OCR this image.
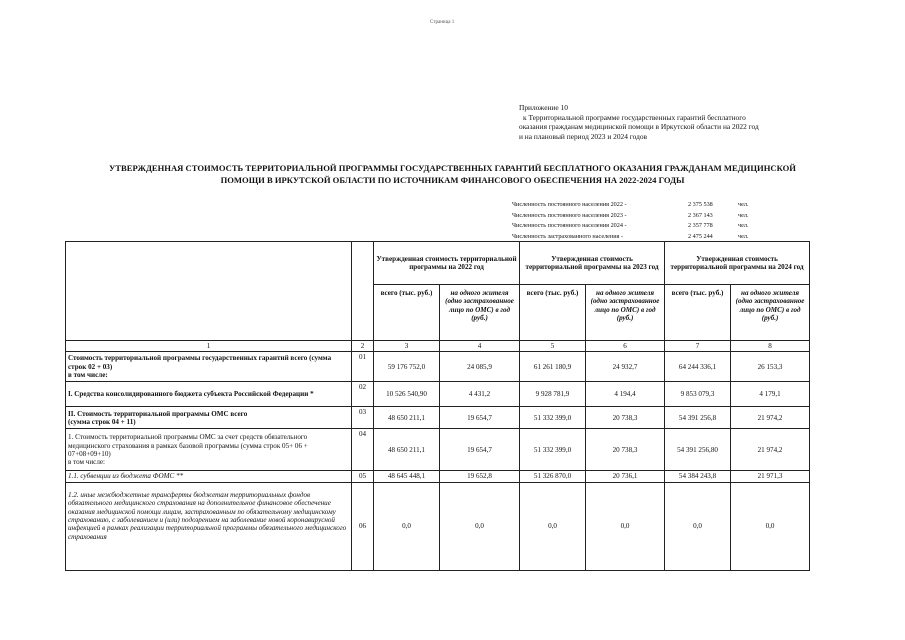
Страница 1
Приложение 10
к Территориальной программе государственных гарантий бесплатного
оказания гражданам медицинской помощи в Иркутской области на 2022 год
и на плановый период 2023 и 2024 годов
УТВЕРЖДЕННАЯ СТОИМОСТЬ ТЕРРИТОРИАЛЬНОЙ ПРОГРАММЫ ГОСУДАРСТВЕННЫХ ГАРАНТИЙ БЕСПЛАТНОГО ОКАЗАНИЯ ГРАЖДАНАМ МЕДИЦИНСКОЙ
ПОМОЩИ В ИРКУТСКОЙ ОБЛАСТИ ПО ИСТОЧНИКАМ ФИНАНСОВОГО ОБЕСПЕЧЕНИЯ НА 2022-2024 ГОДЫ
Численность постоянного населения 2022 -	2 375 538	чел.
Численность постоянного населения 2023 -	2 367 143	чел.
Численность постоянного населения 2024 -	2 357 778	чел.
Численность застрахованного населения -	2 475 244	чел.
		Утвержденная стоимость территориальной программы на 2022 год		Утвержденная стоимость территориальной программы на 2023 год		Утвержденная стоимость территориальной программы на 2024 год	
		всего (тыс. руб.)	на одного жителя (одно застрахованное лицо по ОМС) в год (руб.)	всего (тыс. руб.)	на одного жителя (одно застрахованное лицо по ОМС) в год (руб.)	всего (тыс. руб.)	на одного жителя (одно застрахованное лицо по ОМС) в год (руб.)
1	2	3	4	5	6	7	8
Стоимость территориальной программы государственных гарантий всего (сумма строк 02 + 03)
в том числе:	01	59 176 752,0	24 085,9	61 261 180,9	24 932,7	64 244 336,1	26 153,3
I. Средства консолидированного бюджета субъекта Российской Федерации *	02	10 526 540,90	4 431,2	9 928 781,9	4 194,4	9 853 079,3	4 179,1
II. Стоимость территориальной программы ОМС всего
(сумма строк 04 + 11)	03	48 650 211,1	19 654,7	51 332 399,0	20 738,3	54 391 256,8	21 974,2
1. Стоимость территориальной программы ОМС за счет средств обязательного медицинского страхования в рамках базовой программы (сумма строк 05+ 06 + 07+08+09+10)
в том числе:	04	48 650 211,1	19 654,7	51 332 399,0	20 738,3	54 391 256,80	21 974,2
1.1. субвенции из бюджета ФОМС **	05	48 645 448,1	19 652,8	51 326 870,0	20 736,1	54 384 243,8	21 971,3
1.2. иные межбюджетные трансферты бюджетам территориальных фондов обязательного медицинского страхования на дополнительное финансовое обеспечение оказания медицинской помощи лицам, застрахованным по обязательному медицинскому страхованию, с заболеванием и (или) подозрением на заболевание новой коронавирусной инфекцией в рамках реализации территориальной программы обязательного медицинского страхования	06	0,0	0,0	0,0	0,0	0,0	0,0
